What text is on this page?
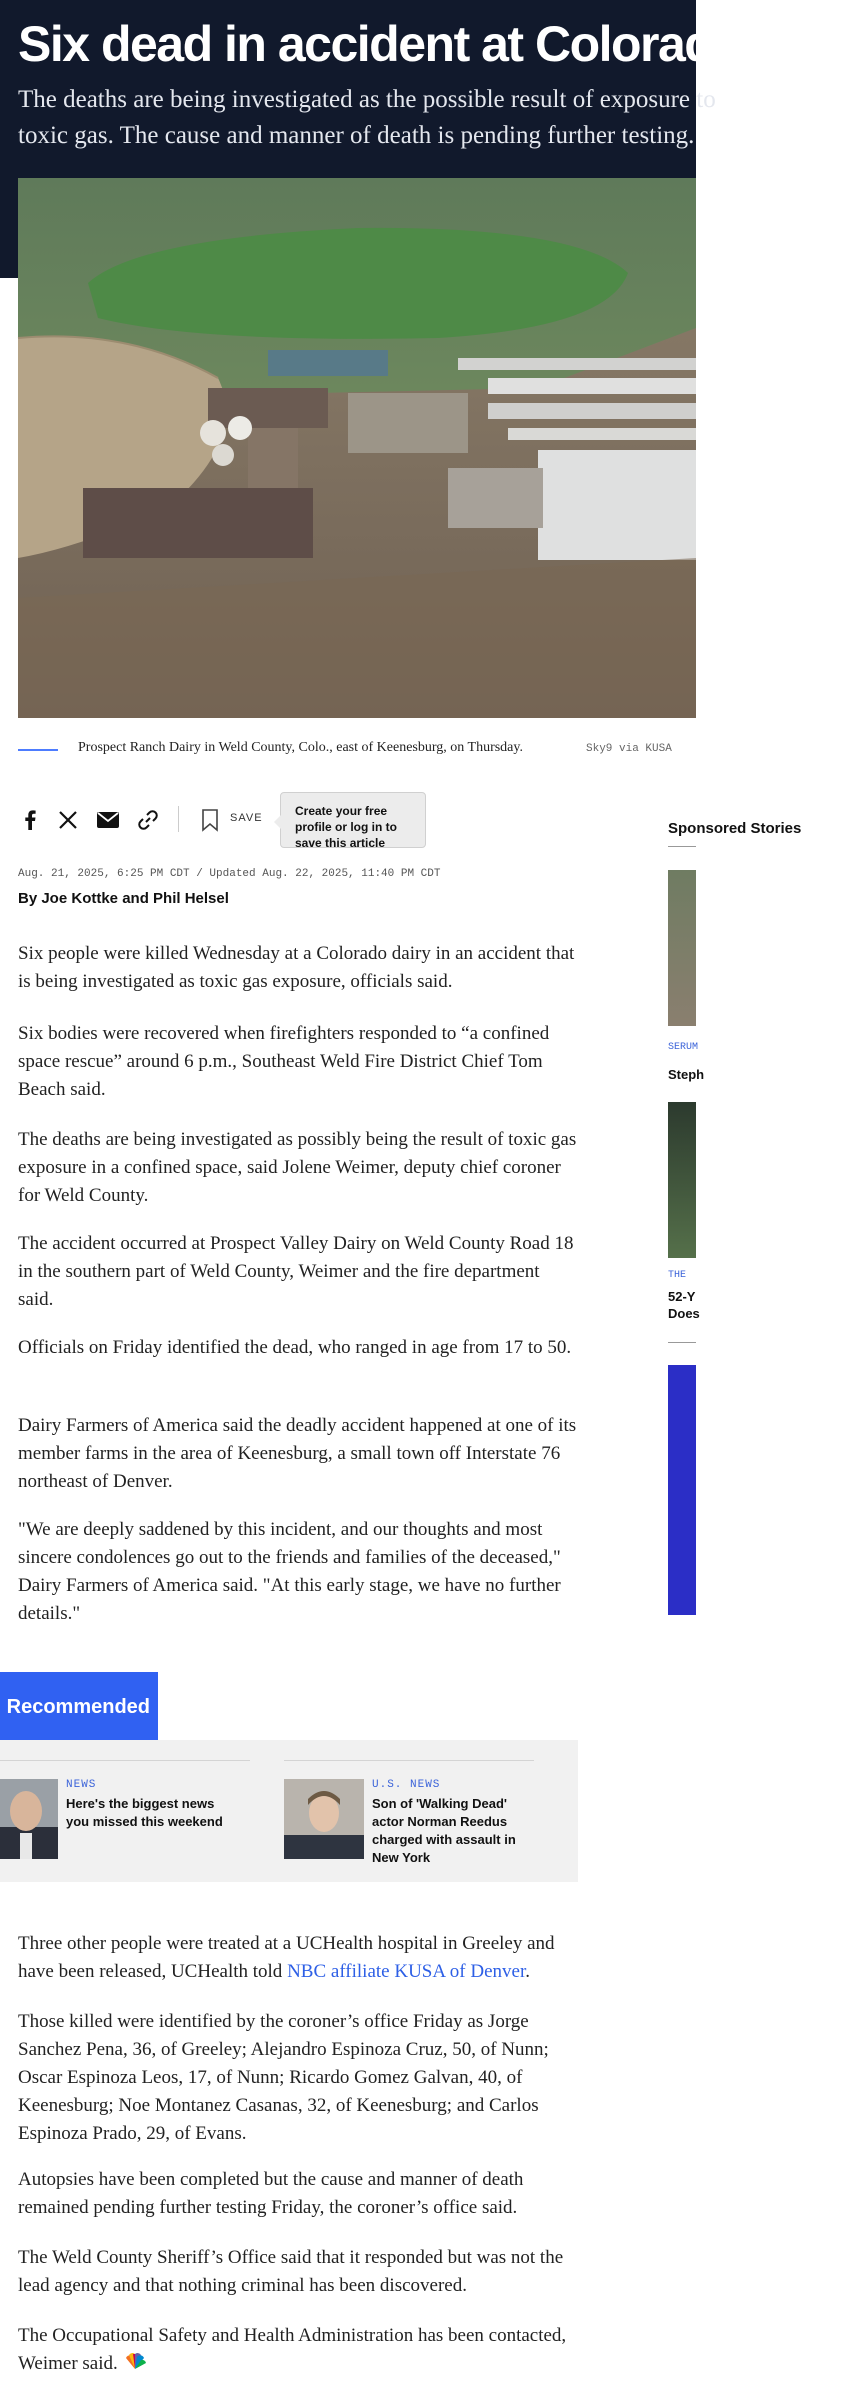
Six dead in accident at Colorado dairy

The deaths are being investigated as the possible result of exposure to toxic gas. The cause and manner of death is pending further testing.

Prospect Ranch Dairy in Weld County, Colo., east of Keenesburg, on Thursday.	Sky9 via KUSA
SAVE	Create your free profile or log in to save this article
Aug. 21, 2025, 6:25 PM CDT / Updated Aug. 22, 2025, 11:40 PM CDT
By Joe Kottke and Phil Helsel

Six people were killed Wednesday at a Colorado dairy in an accident that is being investigated as toxic gas exposure, officials said.

Six bodies were recovered when firefighters responded to “a confined space rescue” around 6 p.m., Southeast Weld Fire District Chief Tom Beach said.

The deaths are being investigated as possibly being the result of toxic gas exposure in a confined space, said Jolene Weimer, deputy chief coroner for Weld County.

The accident occurred at Prospect Valley Dairy on Weld County Road 18 in the southern part of Weld County, Weimer and the fire department said.

Officials on Friday identified the dead, who ranged in age from 17 to 50.

Dairy Farmers of America said the deadly accident happened at one of its member farms in the area of Keenesburg, a small town off Interstate 76 northeast of Denver.

"We are deeply saddened by this incident, and our thoughts and most sincere condolences go out to the friends and families of the deceased," Dairy Farmers of America said. "At this early stage, we have no further details."

Sponsored Stories
SERUM
Steph
THE
52-Y
Does
Recommended
NEWS
Here's the biggest news you missed this weekend
U.S. NEWS
Son of 'Walking Dead' actor Norman Reedus charged with assault in New York

Three other people were treated at a UCHealth hospital in Greeley and have been released, UCHealth told NBC affiliate KUSA of Denver.

Those killed were identified by the coroner’s office Friday as Jorge Sanchez Pena, 36, of Greeley; Alejandro Espinoza Cruz, 50, of Nunn; Oscar Espinoza Leos, 17, of Nunn; Ricardo Gomez Galvan, 40, of Keenesburg; Noe Montanez Casanas, 32, of Keenesburg; and Carlos Espinoza Prado, 29, of Evans.

Autopsies have been completed but the cause and manner of death remained pending further testing Friday, the coroner’s office said.

The Weld County Sheriff’s Office said that it responded but was not the lead agency and that nothing criminal has been discovered.

The Occupational Safety and Health Administration has been contacted, Weimer said.
